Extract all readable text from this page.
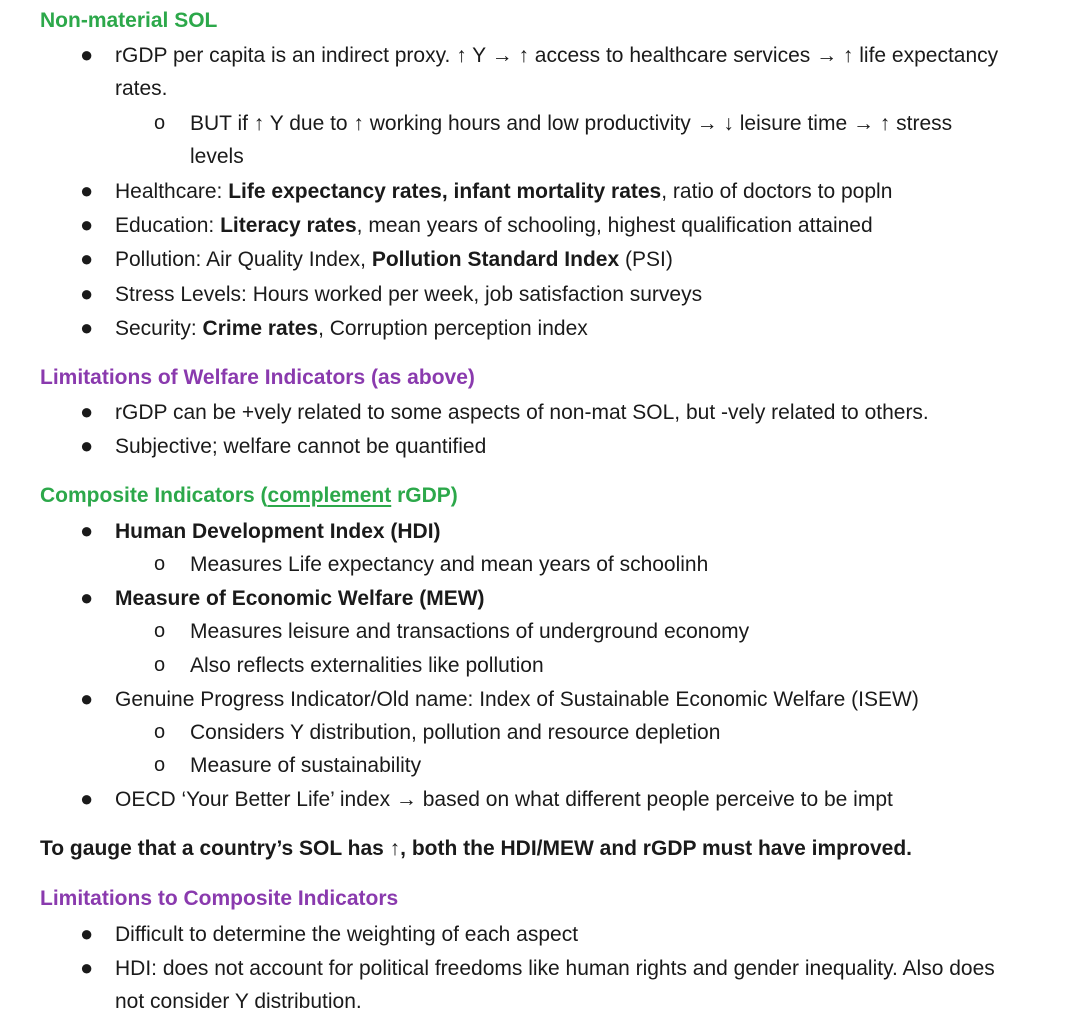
Non-material SOL
● rGDP per capita is an indirect proxy. ↑ Y → ↑ access to healthcare services → ↑ life expectancy rates.
o BUT if ↑ Y due to ↑ working hours and low productivity → ↓ leisure time → ↑ stress levels
● Healthcare: Life expectancy rates, infant mortality rates, ratio of doctors to popln
● Education: Literacy rates, mean years of schooling, highest qualification attained
● Pollution: Air Quality Index, Pollution Standard Index (PSI)
● Stress Levels: Hours worked per week, job satisfaction surveys
● Security: Crime rates, Corruption perception index
Limitations of Welfare Indicators (as above)
● rGDP can be +vely related to some aspects of non-mat SOL, but -vely related to others.
● Subjective; welfare cannot be quantified
Composite Indicators (complement rGDP)
● Human Development Index (HDI)
o Measures Life expectancy and mean years of schoolinh
● Measure of Economic Welfare (MEW)
o Measures leisure and transactions of underground economy
o Also reflects externalities like pollution
● Genuine Progress Indicator/Old name: Index of Sustainable Economic Welfare (ISEW)
o Considers Y distribution, pollution and resource depletion
o Measure of sustainability
● OECD ‘Your Better Life’ index → based on what different people perceive to be impt
To gauge that a country’s SOL has ↑, both the HDI/MEW and rGDP must have improved.
Limitations to Composite Indicators
● Difficult to determine the weighting of each aspect
● HDI: does not account for political freedoms like human rights and gender inequality. Also does not consider Y distribution.
